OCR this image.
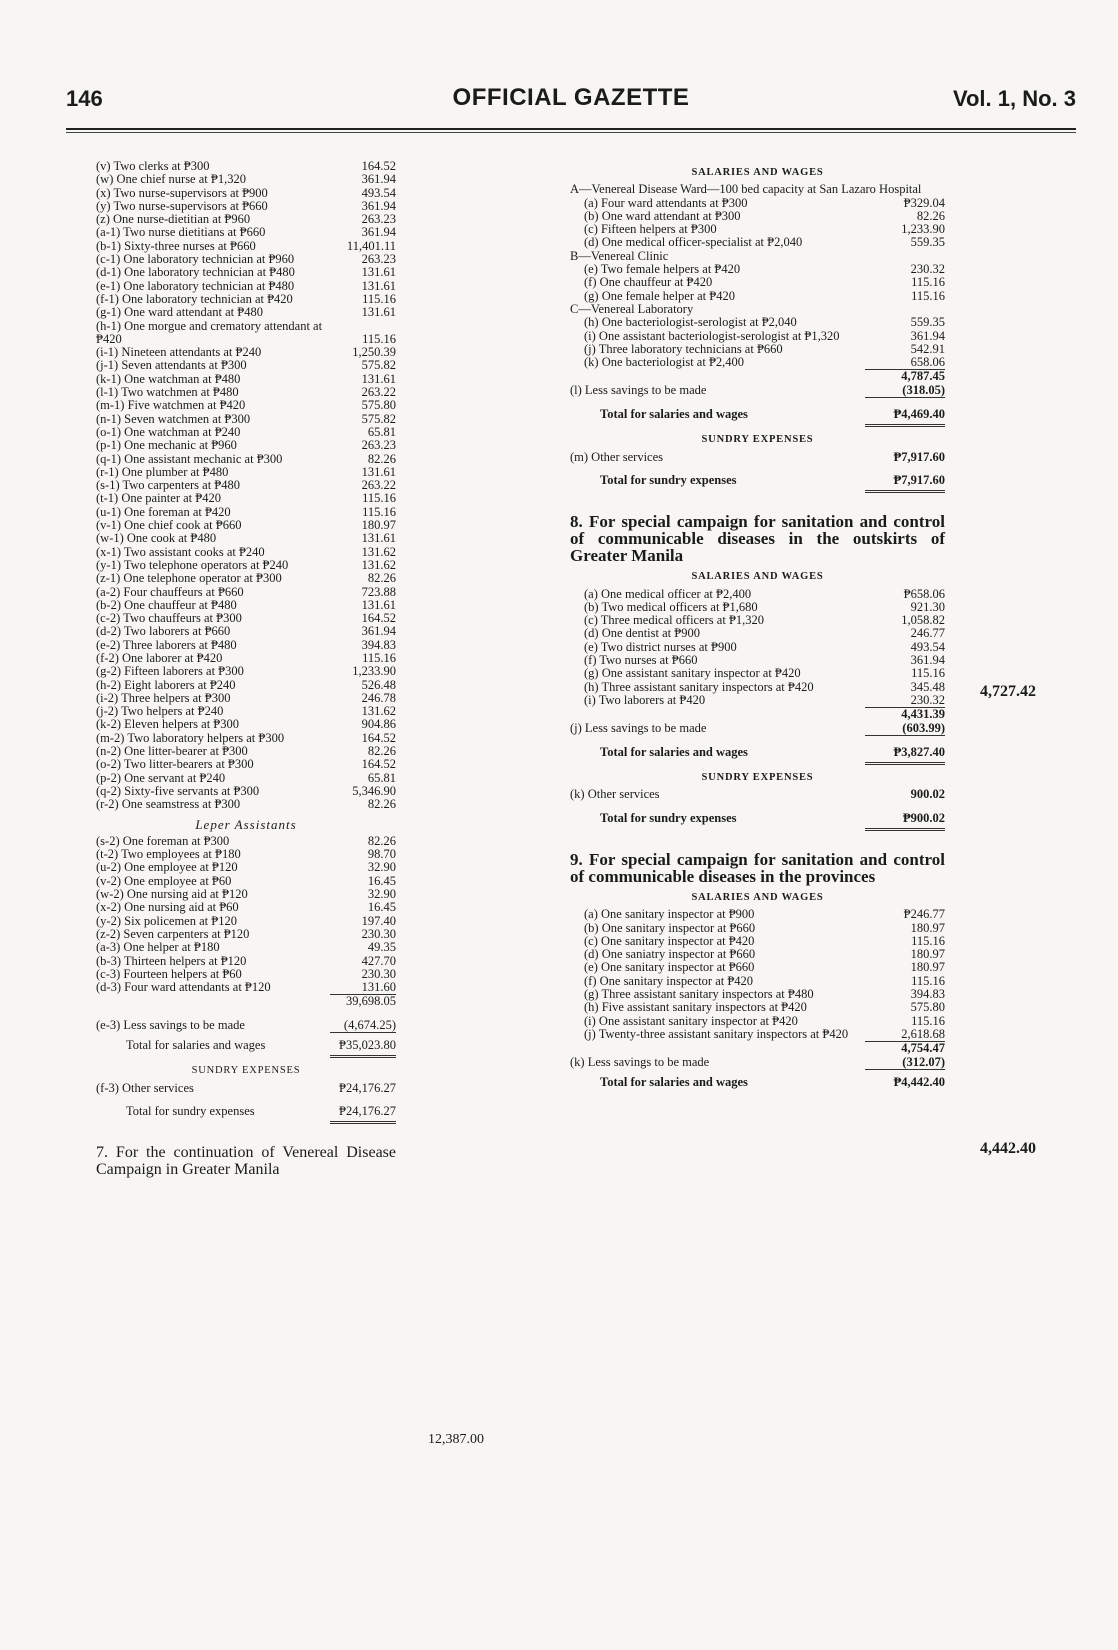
146	OFFICIAL GAZETTE	Vol. 1, No. 3
(v) Two clerks at ₱300	164.52
(w) One chief nurse at ₱1,320	361.94
(x) Two nurse-supervisors at ₱900	493.54
(y) Two nurse-supervisors at ₱660	361.94
(z) One nurse-dietitian at ₱960	263.23
(a-1) Two nurse dietitians at ₱660	361.94
(b-1) Sixty-three nurses at ₱660	11,401.11
(c-1) One laboratory technician at ₱960	263.23
(d-1) One laboratory technician at ₱480	131.61
(e-1) One laboratory technician at ₱480	131.61
(f-1) One laboratory technician at ₱420	115.16
(g-1) One ward attendant at ₱480	131.61
(h-1) One morgue and crematory attendant at ₱420	115.16
(i-1) Nineteen attendants at ₱240	1,250.39
(j-1) Seven attendants at ₱300	575.82
(k-1) One watchman at ₱480	131.61
(l-1) Two watchmen at ₱480	263.22
(m-1) Five watchmen at ₱420	575.80
(n-1) Seven watchmen at ₱300	575.82
(o-1) One watchman at ₱240	65.81
(p-1) One mechanic at ₱960	263.23
(q-1) One assistant mechanic at ₱300	82.26
(r-1) One plumber at ₱480	131.61
(s-1) Two carpenters at ₱480	263.22
(t-1) One painter at ₱420	115.16
(u-1) One foreman at ₱420	115.16
(v-1) One chief cook at ₱660	180.97
(w-1) One cook at ₱480	131.61
(x-1) Two assistant cooks at ₱240	131.62
(y-1) Two telephone operators at ₱240	131.62
(z-1) One telephone operator at ₱300	82.26
(a-2) Four chauffeurs at ₱660	723.88
(b-2) One chauffeur at ₱480	131.61
(c-2) Two chauffeurs at ₱300	164.52
(d-2) Two laborers at ₱660	361.94
(e-2) Three laborers at ₱480	394.83
(f-2) One laborer at ₱420	115.16
(g-2) Fifteen laborers at ₱300	1,233.90
(h-2) Eight laborers at ₱240	526.48
(i-2) Three helpers at ₱300	246.78
(j-2) Two helpers at ₱240	131.62
(k-2) Eleven helpers at ₱300	904.86
(m-2) Two laboratory helpers at ₱300	164.52
(n-2) One litter-bearer at ₱300	82.26
(o-2) Two litter-bearers at ₱300	164.52
(p-2) One servant at ₱240	65.81
(q-2) Sixty-five servants at ₱300	5,346.90
(r-2) One seamstress at ₱300	82.26
Leper Assistants
(s-2) One foreman at ₱300	82.26
(t-2) Two employees at ₱180	98.70
(u-2) One employee at ₱120	32.90
(v-2) One employee at ₱60	16.45
(w-2) One nursing aid at ₱120	32.90
(x-2) One nursing aid at ₱60	16.45
(y-2) Six policemen at ₱120	197.40
(z-2) Seven carpenters at ₱120	230.30
(a-3) One helper at ₱180	49.35
(b-3) Thirteen helpers at ₱120	427.70
(c-3) Fourteen helpers at ₱60	230.30
(d-3) Four ward attendants at ₱120	131.60
39,698.05
(e-3) Less savings to be made	(4,674.25)
Total for salaries and wages	₱35,023.80
SUNDRY EXPENSES
(f-3) Other services	₱24,176.27
Total for sundry expenses	₱24,176.27
7. For the continuation of Venereal Disease Campaign in Greater Manila
12,387.00
SALARIES AND WAGES
A—Venereal Disease Ward—100 bed capacity at San Lazaro Hospital
(a) Four ward attendants at ₱300	₱329.04
(b) One ward attendant at ₱300	82.26
(c) Fifteen helpers at ₱300	1,233.90
(d) One medical officer-specialist at ₱2,040	559.35
B—Venereal Clinic
(e) Two female helpers at ₱420	230.32
(f) One chauffeur at ₱420	115.16
(g) One female helper at ₱420	115.16
C—Venereal Laboratory
(h) One bacteriologist-serologist at ₱2,040	559.35
(i) One assistant bacteriologist-serologist at ₱1,320	361.94
(j) Three laboratory technicians at ₱660	542.91
(k) One bacteriologist at ₱2,400	658.06
4,787.45
(l) Less savings to be made	(318.05)
Total for salaries and wages	₱4,469.40
SUNDRY EXPENSES
(m) Other services	₱7,917.60
Total for sundry expenses	₱7,917.60
8. For special campaign for sanitation and control of communicable diseases in the outskirts of Greater Manila
SALARIES AND WAGES
(a) One medical officer at ₱2,400	₱658.06
(b) Two medical officers at ₱1,680	921.30
(c) Three medical officers at ₱1,320	1,058.82
(d) One dentist at ₱900	246.77
(e) Two district nurses at ₱900	493.54
(f) Two nurses at ₱660	361.94
(g) One assistant sanitary inspector at ₱420	115.16
(h) Three assistant sanitary inspectors at ₱420	345.48
(i) Two laborers at ₱420	230.32
4,431.39
(j) Less savings to be made	(603.99)
Total for salaries and wages	₱3,827.40
SUNDRY EXPENSES
(k) Other services	900.02
Total for sundry expenses	₱900.02
9. For special campaign for sanitation and control of communicable diseases in the provinces
SALARIES AND WAGES
(a) One sanitary inspector at ₱900	₱246.77
(b) One sanitary inspector at ₱660	180.97
(c) One sanitary inspector at ₱420	115.16
(d) One saniatry inspector at ₱660	180.97
(e) One sanitary inspector at ₱660	180.97
(f) One sanitary inspector at ₱420	115.16
(g) Three assistant sanitary inspectors at ₱480	394.83
(h) Five assistant sanitary inspectors at ₱420	575.80
(i) One assistant sanitary inspector at ₱420	115.16
(j) Twenty-three assistant sanitary inspectors at ₱420	2,618.68
4,754.47
(k) Less savings to be made	(312.07)
Total for salaries and wages	₱4,442.40
4,727.42
4,442.40
